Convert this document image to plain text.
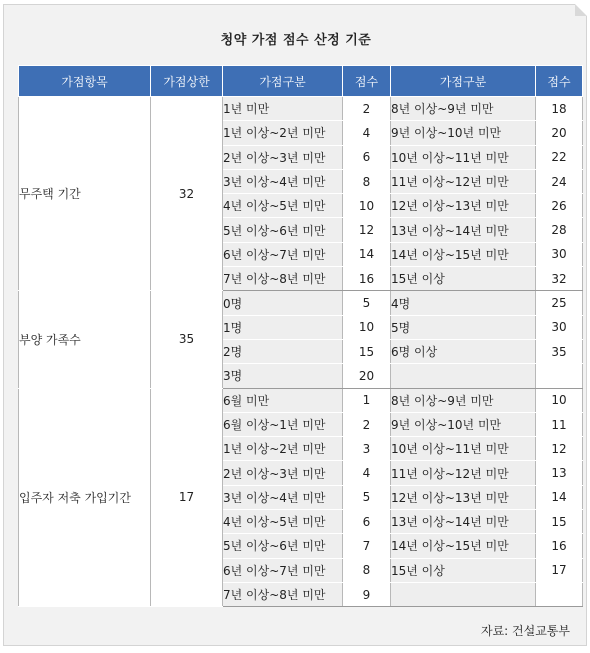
청약 가점 점수 산정 기준
가점항목	가점상한	가점구분	점수	가점구분	점수
무주택 기간	32	1년 미만	2	8년 이상~9년 미만	18
		1년 이상~2년 미만	4	9년 이상~10년 미만	20
		2년 이상~3년 미만	6	10년 이상~11년 미만	22
		3년 이상~4년 미만	8	11년 이상~12년 미만	24
		4년 이상~5년 미만	10	12년 이상~13년 미만	26
		5년 이상~6년 미만	12	13년 이상~14년 미만	28
		6년 이상~7년 미만	14	14년 이상~15년 미만	30
		7년 이상~8년 미만	16	15년 이상	32
부양 가족수	35	0명	5	4명	25
		1명	10	5명	30
		2명	15	6명 이상	35
		3명	20		
입주자 저축 가입기간	17	6월 미만	1	8년 이상~9년 미만	10
		6월 이상~1년 미만	2	9년 이상~10년 미만	11
		1년 이상~2년 미만	3	10년 이상~11년 미만	12
		2년 이상~3년 미만	4	11년 이상~12년 미만	13
		3년 이상~4년 미만	5	12년 이상~13년 미만	14
		4년 이상~5년 미만	6	13년 이상~14년 미만	15
		5년 이상~6년 미만	7	14년 이상~15년 미만	16
		6년 이상~7년 미만	8	15년 이상	17
		7년 이상~8년 미만	9		
자료: 건설교통부
